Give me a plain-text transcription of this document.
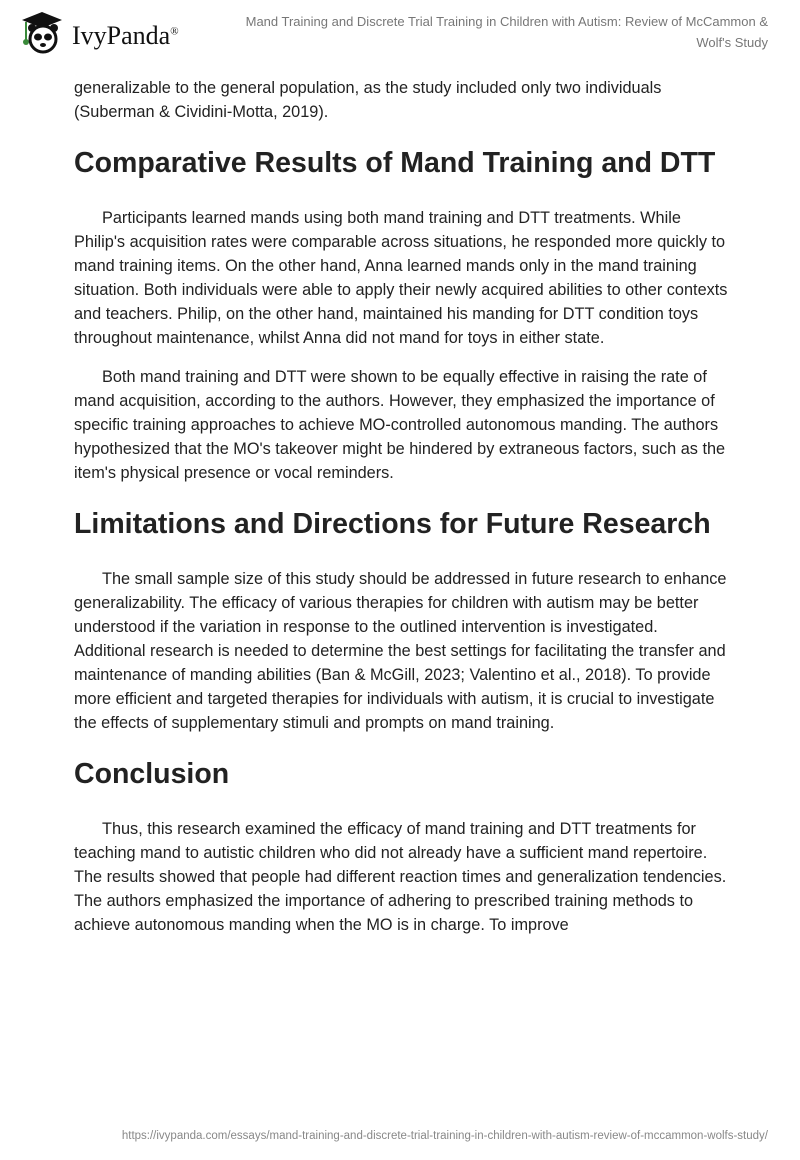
IvyPanda®
Mand Training and Discrete Trial Training in Children with Autism: Review of McCammon & Wolf's Study

generalizable to the general population, as the study included only two individuals (Suberman & Cividini-Motta, 2019).

Comparative Results of Mand Training and DTT

Participants learned mands using both mand training and DTT treatments. While Philip's acquisition rates were comparable across situations, he responded more quickly to mand training items. On the other hand, Anna learned mands only in the mand training situation. Both individuals were able to apply their newly acquired abilities to other contexts and teachers. Philip, on the other hand, maintained his manding for DTT condition toys throughout maintenance, whilst Anna did not mand for toys in either state.

Both mand training and DTT were shown to be equally effective in raising the rate of mand acquisition, according to the authors. However, they emphasized the importance of specific training approaches to achieve MO-controlled autonomous manding. The authors hypothesized that the MO's takeover might be hindered by extraneous factors, such as the item's physical presence or vocal reminders.

Limitations and Directions for Future Research

The small sample size of this study should be addressed in future research to enhance generalizability. The efficacy of various therapies for children with autism may be better understood if the variation in response to the outlined intervention is investigated. Additional research is needed to determine the best settings for facilitating the transfer and maintenance of manding abilities (Ban & McGill, 2023; Valentino et al., 2018). To provide more efficient and targeted therapies for individuals with autism, it is crucial to investigate the effects of supplementary stimuli and prompts on mand training.

Conclusion

Thus, this research examined the efficacy of mand training and DTT treatments for teaching mand to autistic children who did not already have a sufficient mand repertoire. The results showed that people had different reaction times and generalization tendencies. The authors emphasized the importance of adhering to prescribed training methods to achieve autonomous manding when the MO is in charge. To improve

https://ivypanda.com/essays/mand-training-and-discrete-trial-training-in-children-with-autism-review-of-mccammon-wolfs-study/
